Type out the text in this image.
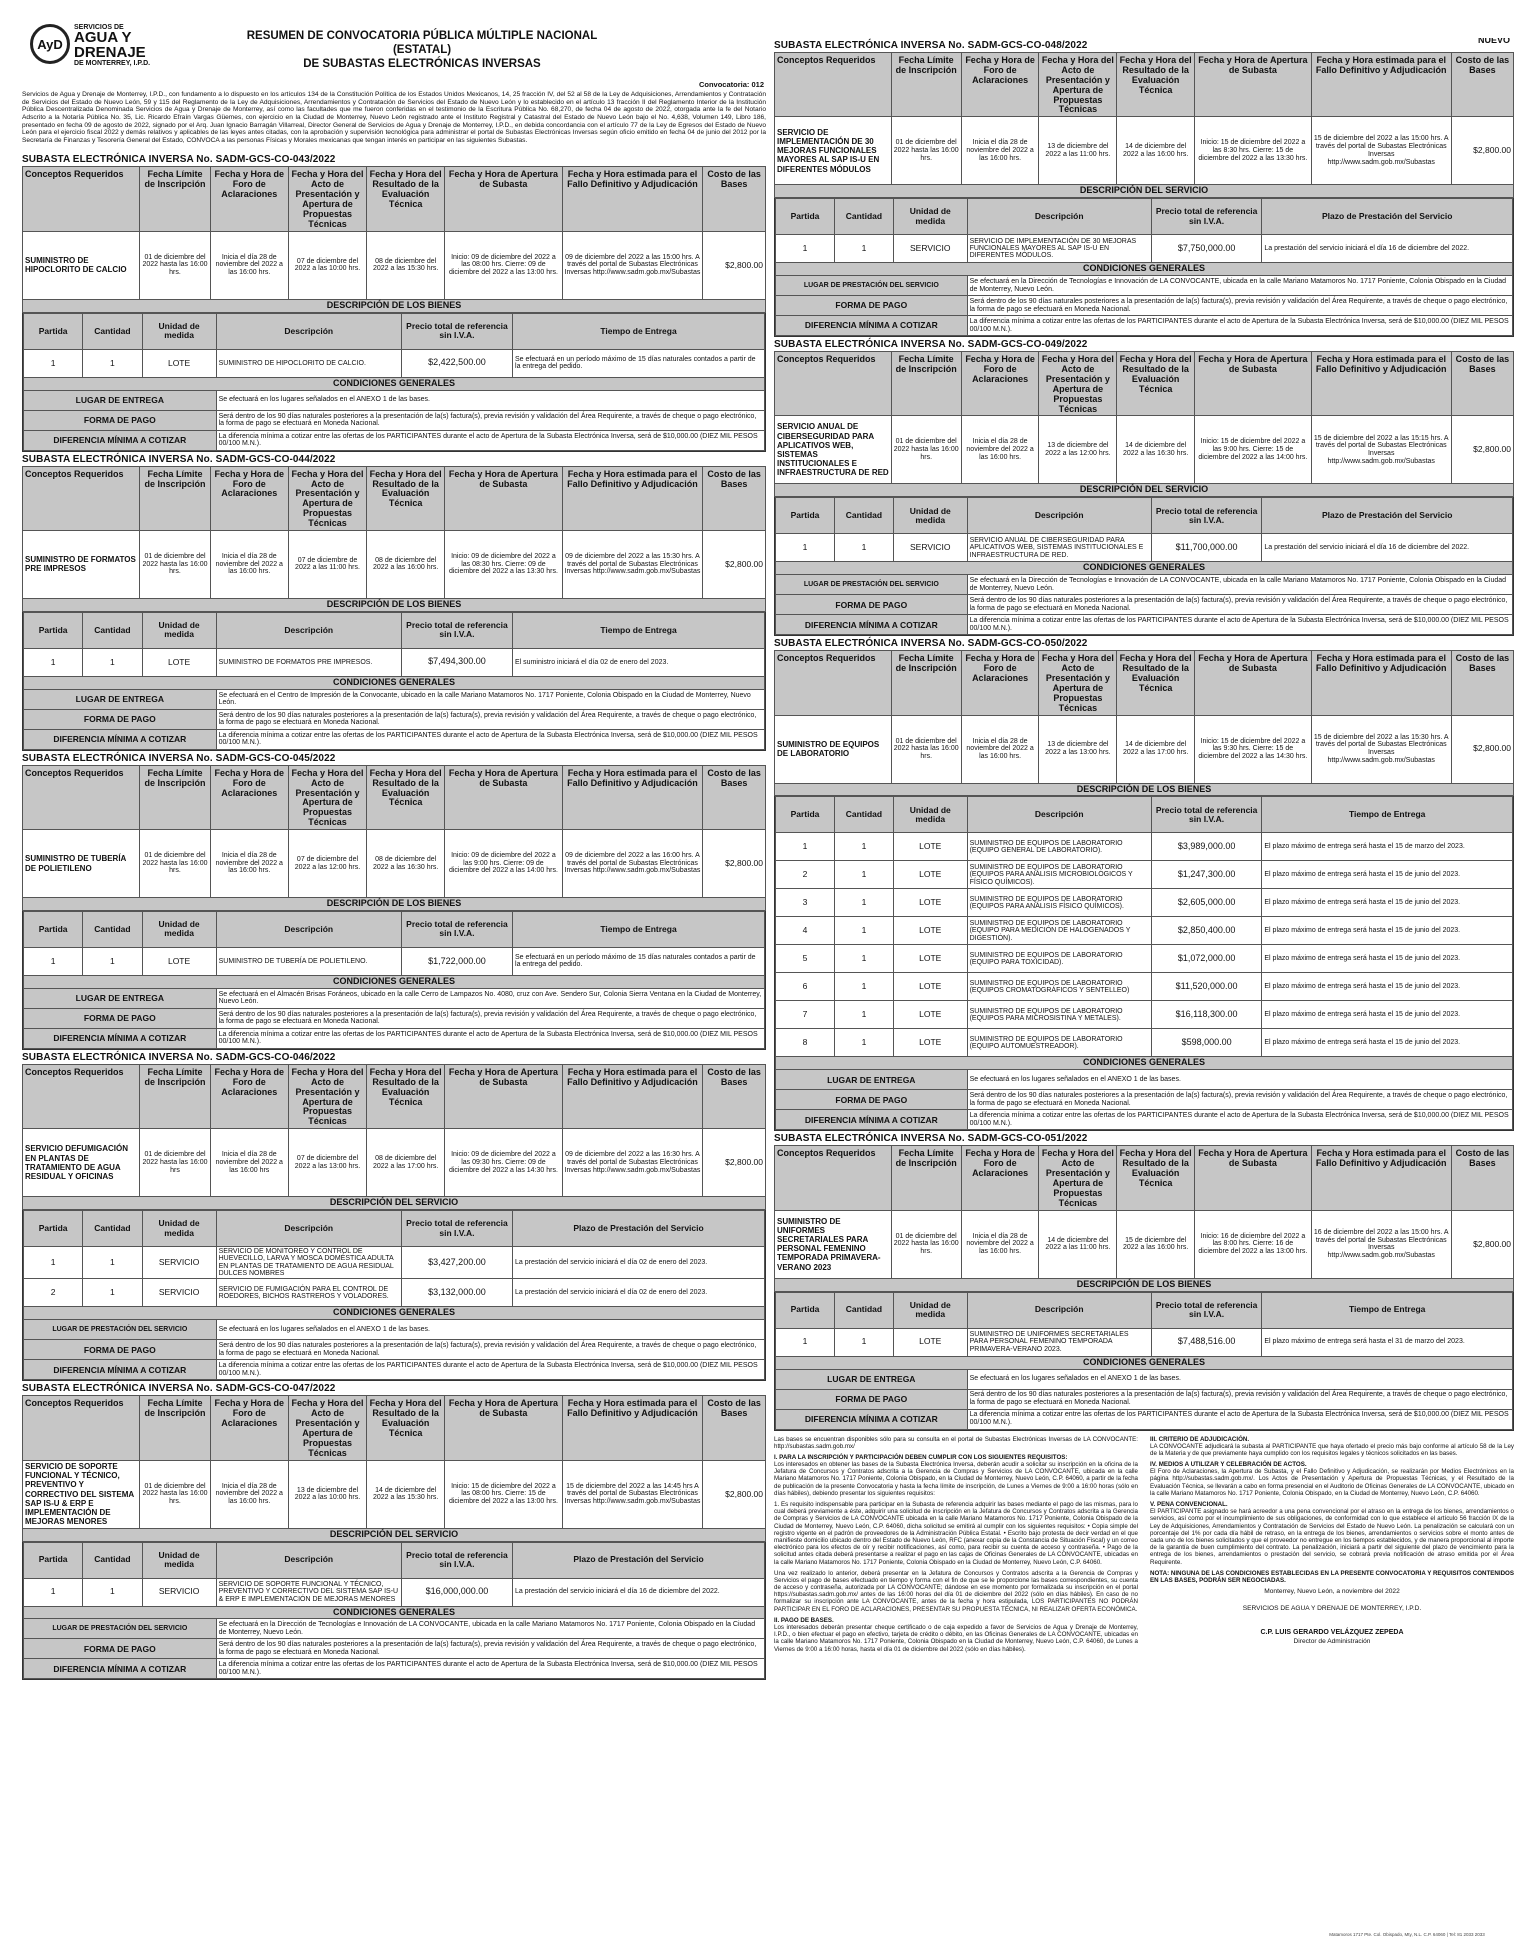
AyD
SERVICIOS DE
AGUA Y
DRENAJE
DE MONTERREY, I.P.D.
RESUMEN DE CONVOCATORIA PÚBLICA MÚLTIPLE NACIONAL (ESTATAL)
DE SUBASTAS ELECTRÓNICAS INVERSAS
Convocatoria: 012
Servicios de Agua y Drenaje de Monterrey, I.P.D., con fundamento a lo dispuesto en los artículos 134 de la Constitución Política de los Estados Unidos Mexicanos, 14, 25 fracción IV, del 52 al 58 de la Ley de Adquisiciones, Arrendamientos y Contratación de Servicios del Estado de Nuevo León, 59 y 115 del Reglamento de la Ley de Adquisiciones, Arrendamientos y Contratación de Servicios del Estado de Nuevo León y lo establecido en el artículo 13 fracción II del Reglamento Interior de la Institución Pública Descentralizada Denominada Servicios de Agua y Drenaje de Monterrey, así como las facultades que me fueron conferidas en el testimonio de la Escritura Pública No. 68,270, de fecha 04 de agosto de 2022, otorgada ante la fe del Notario Adscrito a la Notaría Pública No. 35, Lic. Ricardo Efraín Vargas Güemes, con ejercicio en la Ciudad de Monterrey, Nuevo León registrado ante el Instituto Registral y Catastral del Estado de Nuevo León bajo el No. 4,638, Volumen 149, Libro 186, presentado en fecha 09 de agosto de 2022, signado por el Arq. Juan Ignacio Barragán Villarreal, Director General de Servicios de Agua y Drenaje de Monterrey, I.P.D., en debida concordancia con el artículo 77 de la Ley de Egresos del Estado de Nuevo León para el ejercicio fiscal 2022 y demás relativos y aplicables de las leyes antes citadas, con la aprobación y supervisión tecnológica para administrar el portal de Subastas Electrónicas Inversas según oficio emitido en fecha 04 de junio del 2012 por la Secretaría de Finanzas y Tesorería General del Estado, CONVOCA a las personas Físicas y Morales mexicanas que tengan interés en participar en las siguientes Subastas.
SUBASTA ELECTRÓNICA INVERSA No. SADM-GCS-CO-043/2022
Conceptos Requeridos	Fecha Límite de Inscripción	Fecha y Hora de Foro de Aclaraciones	Fecha y Hora del Acto de Presentación y Apertura de Propuestas Técnicas	Fecha y Hora del Resultado de la Evaluación Técnica	Fecha y Hora de Apertura de Subasta	Fecha y Hora estimada para el Fallo Definitivo y Adjudicación	Costo de las Bases
SUMINISTRO DE HIPOCLORITO DE CALCIO	01 de diciembre del 2022 hasta las 16:00 hrs.	Inicia el día 28 de noviembre del 2022 a las 16:00 hrs.	07 de diciembre del 2022 a las 10:00 hrs.	08 de diciembre del 2022 a las 15:30 hrs.	Inicio: 09 de diciembre del 2022 a las 08:00 hrs. Cierre: 09 de diciembre del 2022 a las 13:00 hrs.	09 de diciembre del 2022 a las 15:00 hrs. A través del portal de Subastas Electrónicas Inversas http://www.sadm.gob.mx/Subastas	$2,800.00
DESCRIPCIÓN DE LOS BIENES

Partida	Cantidad	Unidad de medida	Descripción	Precio total de referencia sin I.V.A.	Tiempo de Entrega
1	1	LOTE	SUMINISTRO DE HIPOCLORITO DE CALCIO.	$2,422,500.00	Se efectuará en un período máximo de 15 días naturales contados a partir de la entrega del pedido.
CONDICIONES GENERALES
LUGAR DE ENTREGA	Se efectuará en los lugares señalados en el ANEXO 1 de las bases.
FORMA DE PAGO	Será dentro de los 90 días naturales posteriores a la presentación de la(s) factura(s), previa revisión y validación del Área Requirente, a través de cheque o pago electrónico, la forma de pago se efectuará en Moneda Nacional.
DIFERENCIA MÍNIMA A COTIZAR	La diferencia mínima a cotizar entre las ofertas de los PARTICIPANTES durante el acto de Apertura de la Subasta Electrónica Inversa, será de $10,000.00 (DIEZ MIL PESOS 00/100 M.N.).
SUBASTA ELECTRÓNICA INVERSA No. SADM-GCS-CO-044/2022
Conceptos Requeridos	Fecha Límite de Inscripción	Fecha y Hora de Foro de Aclaraciones	Fecha y Hora del Acto de Presentación y Apertura de Propuestas Técnicas	Fecha y Hora del Resultado de la Evaluación Técnica	Fecha y Hora de Apertura de Subasta	Fecha y Hora estimada para el Fallo Definitivo y Adjudicación	Costo de las Bases
SUMINISTRO DE FORMATOS PRE IMPRESOS	01 de diciembre del 2022 hasta las 16:00 hrs.	Inicia el día 28 de noviembre del 2022 a las 16:00 hrs.	07 de diciembre de 2022 a las 11:00 hrs.	08 de diciembre del 2022 a las 16:00 hrs.	Inicio: 09 de diciembre del 2022 a las 08:30 hrs. Cierre: 09 de diciembre del 2022 a las 13:30 hrs.	09 de diciembre del 2022 a las 15:30 hrs. A través del portal de Subastas Electrónicas Inversas http://www.sadm.gob.mx/Subastas	$2,800.00
DESCRIPCIÓN DE LOS BIENES

Partida	Cantidad	Unidad de medida	Descripción	Precio total de referencia sin I.V.A.	Tiempo de Entrega
1	1	LOTE	SUMINISTRO DE FORMATOS PRE IMPRESOS.	$7,494,300.00	El suministro iniciará el día 02 de enero del 2023.
CONDICIONES GENERALES
LUGAR DE ENTREGA	Se efectuará en el Centro de Impresión de la Convocante, ubicado en la calle Mariano Matamoros No. 1717 Poniente, Colonia Obispado en la Ciudad de Monterrey, Nuevo León.
FORMA DE PAGO	Será dentro de los 90 días naturales posteriores a la presentación de la(s) factura(s), previa revisión y validación del Área Requirente, a través de cheque o pago electrónico, la forma de pago se efectuará en Moneda Nacional.
DIFERENCIA MÍNIMA A COTIZAR	La diferencia mínima a cotizar entre las ofertas de los PARTICIPANTES durante el acto de Apertura de la Subasta Electrónica Inversa, será de $10,000.00 (DIEZ MIL PESOS 00/100 M.N.).
SUBASTA ELECTRÓNICA INVERSA No. SADM-GCS-CO-045/2022
Conceptos Requeridos	Fecha Límite de Inscripción	Fecha y Hora de Foro de Aclaraciones	Fecha y Hora del Acto de Presentación y Apertura de Propuestas Técnicas	Fecha y Hora del Resultado de la Evaluación Técnica	Fecha y Hora de Apertura de Subasta	Fecha y Hora estimada para el Fallo Definitivo y Adjudicación	Costo de las Bases
SUMINISTRO DE TUBERÍA DE POLIETILENO	01 de diciembre del 2022 hasta las 16:00 hrs.	Inicia el día 28 de noviembre del 2022 a las 16:00 hrs.	07 de diciembre del 2022 a las 12:00 hrs.	08 de diciembre del 2022 a las 16:30 hrs.	Inicio: 09 de diciembre del 2022 a las 9:00 hrs. Cierre: 09 de diciembre del 2022 a las 14:00 hrs.	09 de diciembre del 2022 a las 16:00 hrs. A través del portal de Subastas Electrónicas Inversas http://www.sadm.gob.mx/Subastas	$2,800.00
DESCRIPCIÓN DE LOS BIENES

Partida	Cantidad	Unidad de medida	Descripción	Precio total de referencia sin I.V.A.	Tiempo de Entrega
1	1	LOTE	SUMINISTRO DE TUBERÍA DE POLIETILENO.	$1,722,000.00	Se efectuará en un período máximo de 15 días naturales contados a partir de la entrega del pedido.
CONDICIONES GENERALES
LUGAR DE ENTREGA	Se efectuará en el Almacén Brisas Foráneos, ubicado en la calle Cerro de Lampazos No. 4080, cruz con Ave. Sendero Sur, Colonia Sierra Ventana en la Ciudad de Monterrey, Nuevo León.
FORMA DE PAGO	Será dentro de los 90 días naturales posteriores a la presentación de la(s) factura(s), previa revisión y validación del Área Requirente, a través de cheque o pago electrónico, la forma de pago se efectuará en Moneda Nacional.
DIFERENCIA MÍNIMA A COTIZAR	La diferencia mínima a cotizar entre las ofertas de los PARTICIPANTES durante el acto de Apertura de la Subasta Electrónica Inversa, será de $10,000.00 (DIEZ MIL PESOS 00/100 M.N.).
SUBASTA ELECTRÓNICA INVERSA No. SADM-GCS-CO-046/2022
Conceptos Requeridos	Fecha Límite de Inscripción	Fecha y Hora de Foro de Aclaraciones	Fecha y Hora del Acto de Presentación y Apertura de Propuestas Técnicas	Fecha y Hora del Resultado de la Evaluación Técnica	Fecha y Hora de Apertura de Subasta	Fecha y Hora estimada para el Fallo Definitivo y Adjudicación	Costo de las Bases
SERVICIO DEFUMIGACIÓN EN PLANTAS DE TRATAMIENTO DE AGUA RESIDUAL Y OFICINAS	01 de diciembre del 2022 hasta las 16:00 hrs	Inicia el día 28 de noviembre del 2022 a las 16:00 hrs	07 de diciembre del 2022 a las 13:00 hrs.	08 de diciembre del 2022 a las 17:00 hrs.	Inicio: 09 de diciembre del 2022 a las 09:30 hrs. Cierre: 09 de diciembre del 2022 a las 14:30 hrs.	09 de diciembre del 2022 a las 16:30 hrs. A través del portal de Subastas Electrónicas Inversas http://www.sadm.gob.mx/Subastas	$2,800.00
DESCRIPCIÓN DEL SERVICIO

Partida	Cantidad	Unidad de medida	Descripción	Precio total de referencia sin I.V.A.	Plazo de Prestación del Servicio
1	1	SERVICIO	SERVICIO DE MONITOREO Y CONTROL DE HUEVECILLO, LARVA Y MOSCA DOMÉSTICA ADULTA EN PLANTAS DE TRATAMIENTO DE AGUA RESIDUAL DULCES NOMBRES	$3,427,200.00	La prestación del servicio iniciará el día 02 de enero del 2023.
2	1	SERVICIO	SERVICIO DE FUMIGACIÓN PARA EL CONTROL DE ROEDORES, BICHOS RASTREROS Y VOLADORES.	$3,132,000.00	La prestación del servicio iniciará el día 02 de enero del 2023.
CONDICIONES GENERALES
LUGAR DE PRESTACIÓN DEL SERVICIO	Se efectuará en los lugares señalados en el ANEXO 1 de las bases.
FORMA DE PAGO	Será dentro de los 90 días naturales posteriores a la presentación de la(s) factura(s), previa revisión y validación del Área Requirente, a través de cheque o pago electrónico, la forma de pago se efectuará en Moneda Nacional.
DIFERENCIA MÍNIMA A COTIZAR	La diferencia mínima a cotizar entre las ofertas de los PARTICIPANTES durante el acto de Apertura de la Subasta Electrónica Inversa, será de $10,000.00 (DIEZ MIL PESOS 00/100 M.N.).
SUBASTA ELECTRÓNICA INVERSA No. SADM-GCS-CO-047/2022
Conceptos Requeridos	Fecha Límite de Inscripción	Fecha y Hora de Foro de Aclaraciones	Fecha y Hora del Acto de Presentación y Apertura de Propuestas Técnicas	Fecha y Hora del Resultado de la Evaluación Técnica	Fecha y Hora de Apertura de Subasta	Fecha y Hora estimada para el Fallo Definitivo y Adjudicación	Costo de las Bases
SERVICIO DE SOPORTE FUNCIONAL Y TÉCNICO, PREVENTIVO Y CORRECTIVO DEL SISTEMA SAP IS-U & ERP E IMPLEMENTACIÓN DE MEJORAS MENORES	01 de diciembre del 2022 hasta las 16:00 hrs.	Inicia el día 28 de noviembre del 2022 a las 16:00 hrs.	13 de diciembre del 2022 a las 10:00 hrs.	14 de diciembre del 2022 a las 15:30 hrs.	Inicio: 15 de diciembre del 2022 a las 08:00 hrs. Cierre: 15 de diciembre del 2022 a las 13:00 hrs.	15 de diciembre del 2022 a las 14:45 hrs A través del portal de Subastas Electrónicas Inversas http://www.sadm.gob.mx/Subastas	$2,800.00
DESCRIPCIÓN DEL SERVICIO

Partida	Cantidad	Unidad de medida	Descripción	Precio total de referencia sin I.V.A.	Plazo de Prestación del Servicio
1	1	SERVICIO	SERVICIO DE SOPORTE FUNCIONAL Y TÉCNICO, PREVENTIVO Y CORRECTIVO DEL SISTEMA SAP IS-U & ERP E IMPLEMENTACIÓN DE MEJORAS MENORES	$16,000,000.00	La prestación del servicio iniciará el día 16 de diciembre del 2022.
CONDICIONES GENERALES
LUGAR DE PRESTACIÓN DEL SERVICIO	Se efectuará en la Dirección de Tecnologías e Innovación de LA CONVOCANTE, ubicada en la calle Mariano Matamoros No. 1717 Poniente, Colonia Obispado en la Ciudad de Monterrey, Nuevo León.
FORMA DE PAGO	Será dentro de los 90 días naturales posteriores a la presentación de la(s) factura(s), previa revisión y validación del Área Requirente, a través de cheque o pago electrónico, la forma de pago se efectuará en Moneda Nacional.
DIFERENCIA MÍNIMA A COTIZAR	La diferencia mínima a cotizar entre las ofertas de los PARTICIPANTES durante el acto de Apertura de la Subasta Electrónica Inversa, será de $10,000.00 (DIEZ MIL PESOS 00/100 M.N.).
NUEVO
SUBASTA ELECTRÓNICA INVERSA No. SADM-GCS-CO-048/2022
Conceptos Requeridos	Fecha Límite de Inscripción	Fecha y Hora de Foro de Aclaraciones	Fecha y Hora del Acto de Presentación y Apertura de Propuestas Técnicas	Fecha y Hora del Resultado de la Evaluación Técnica	Fecha y Hora de Apertura de Subasta	Fecha y Hora estimada para el Fallo Definitivo y Adjudicación	Costo de las Bases
SERVICIO DE IMPLEMENTACIÓN DE 30 MEJORAS FUNCIONALES MAYORES AL SAP IS-U EN DIFERENTES MÓDULOS	01 de diciembre del 2022 hasta las 16:00 hrs.	Inicia el día 28 de noviembre del 2022 a las 16:00 hrs.	13 de diciembre del 2022 a las 11:00 hrs.	14 de diciembre del 2022 a las 16:00 hrs.	Inicio: 15 de diciembre del 2022 a las 8:30 hrs. Cierre: 15 de diciembre del 2022 a las 13:30 hrs.	15 de diciembre del 2022 a las 15:00 hrs. A través del portal de Subastas Electrónicas Inversas http://www.sadm.gob.mx/Subastas	$2,800.00
DESCRIPCIÓN DEL SERVICIO

Partida	Cantidad	Unidad de medida	Descripción	Precio total de referencia sin I.V.A.	Plazo de Prestación del Servicio
1	1	SERVICIO	SERVICIO DE IMPLEMENTACIÓN DE 30 MEJORAS FUNCIONALES MAYORES AL SAP IS-U EN DIFERENTES MÓDULOS.	$7,750,000.00	La prestación del servicio iniciará el día 16 de diciembre del 2022.
CONDICIONES GENERALES
LUGAR DE PRESTACIÓN DEL SERVICIO	Se efectuará en la Dirección de Tecnologías e Innovación de LA CONVOCANTE, ubicada en la calle Mariano Matamoros No. 1717 Poniente, Colonia Obispado en la Ciudad de Monterrey, Nuevo León.
FORMA DE PAGO	Será dentro de los 90 días naturales posteriores a la presentación de la(s) factura(s), previa revisión y validación del Área Requirente, a través de cheque o pago electrónico, la forma de pago se efectuará en Moneda Nacional.
DIFERENCIA MÍNIMA A COTIZAR	La diferencia mínima a cotizar entre las ofertas de los PARTICIPANTES durante el acto de Apertura de la Subasta Electrónica Inversa, será de $10,000.00 (DIEZ MIL PESOS 00/100 M.N.).
SUBASTA ELECTRÓNICA INVERSA No. SADM-GCS-CO-049/2022
Conceptos Requeridos	Fecha Límite de Inscripción	Fecha y Hora de Foro de Aclaraciones	Fecha y Hora del Acto de Presentación y Apertura de Propuestas Técnicas	Fecha y Hora del Resultado de la Evaluación Técnica	Fecha y Hora de Apertura de Subasta	Fecha y Hora estimada para el Fallo Definitivo y Adjudicación	Costo de las Bases
SERVICIO ANUAL DE CIBERSEGURIDAD PARA APLICATIVOS WEB, SISTEMAS INSTITUCIONALES E INFRAESTRUCTURA DE RED	01 de diciembre del 2022 hasta las 16:00 hrs.	Inicia el día 28 de noviembre del 2022 a las 16:00 hrs.	13 de diciembre del 2022 a las 12:00 hrs.	14 de diciembre del 2022 a las 16:30 hrs.	Inicio: 15 de diciembre del 2022 a las 9:00 hrs. Cierre: 15 de diciembre del 2022 a las 14:00 hrs.	15 de diciembre del 2022 a las 15:15 hrs. A través del portal de Subastas Electrónicas Inversas http://www.sadm.gob.mx/Subastas	$2,800.00
DESCRIPCIÓN DEL SERVICIO

Partida	Cantidad	Unidad de medida	Descripción	Precio total de referencia sin I.V.A.	Plazo de Prestación del Servicio
1	1	SERVICIO	SERVICIO ANUAL DE CIBERSEGURIDAD PARA APLICATIVOS WEB, SISTEMAS INSTITUCIONALES E INFRAESTRUCTURA DE RED.	$11,700,000.00	La prestación del servicio iniciará el día 16 de diciembre del 2022.
CONDICIONES GENERALES
LUGAR DE PRESTACIÓN DEL SERVICIO	Se efectuará en la Dirección de Tecnologías e Innovación de LA CONVOCANTE, ubicada en la calle Mariano Matamoros No. 1717 Poniente, Colonia Obispado en la Ciudad de Monterrey, Nuevo León.
FORMA DE PAGO	Será dentro de los 90 días naturales posteriores a la presentación de la(s) factura(s), previa revisión y validación del Área Requirente, a través de cheque o pago electrónico, la forma de pago se efectuará en Moneda Nacional.
DIFERENCIA MÍNIMA A COTIZAR	La diferencia mínima a cotizar entre las ofertas de los PARTICIPANTES durante el acto de Apertura de la Subasta Electrónica Inversa, será de $10,000.00 (DIEZ MIL PESOS 00/100 M.N.).
SUBASTA ELECTRÓNICA INVERSA No. SADM-GCS-CO-050/2022
Conceptos Requeridos	Fecha Límite de Inscripción	Fecha y Hora de Foro de Aclaraciones	Fecha y Hora del Acto de Presentación y Apertura de Propuestas Técnicas	Fecha y Hora del Resultado de la Evaluación Técnica	Fecha y Hora de Apertura de Subasta	Fecha y Hora estimada para el Fallo Definitivo y Adjudicación	Costo de las Bases
SUMINISTRO DE EQUIPOS DE LABORATORIO	01 de diciembre del 2022 hasta las 16:00 hrs.	Inicia el día 28 de noviembre del 2022 a las 16:00 hrs.	13 de diciembre del 2022 a las 13:00 hrs.	14 de diciembre del 2022 a las 17:00 hrs.	Inicio: 15 de diciembre del 2022 a las 9:30 hrs. Cierre: 15 de diciembre del 2022 a las 14:30 hrs.	15 de diciembre del 2022 a las 15:30 hrs. A través del portal de Subastas Electrónicas Inversas http://www.sadm.gob.mx/Subastas	$2,800.00
DESCRIPCIÓN DE LOS BIENES

Partida	Cantidad	Unidad de medida	Descripción	Precio total de referencia sin I.V.A.	Tiempo de Entrega
1	1	LOTE	SUMINISTRO DE EQUIPOS DE LABORATORIO (EQUIPO GENERAL DE LABORATORIO).	$3,989,000.00	El plazo máximo de entrega será hasta el 15 de marzo del 2023.
2	1	LOTE	SUMINISTRO DE EQUIPOS DE LABORATORIO (EQUIPOS PARA ANÁLISIS MICROBIOLÓGICOS Y FÍSICO QUÍMICOS).	$1,247,300.00	El plazo máximo de entrega será hasta el 15 de junio del 2023.
3	1	LOTE	SUMINISTRO DE EQUIPOS DE LABORATORIO (EQUIPOS PARA ANÁLISIS FÍSICO QUÍMICOS).	$2,605,000.00	El plazo máximo de entrega será hasta el 15 de junio del 2023.
4	1	LOTE	SUMINISTRO DE EQUIPOS DE LABORATORIO (EQUIPO PARA MEDICIÓN DE HALOGENADOS Y DIGESTIÓN).	$2,850,400.00	El plazo máximo de entrega será hasta el 15 de junio del 2023.
5	1	LOTE	SUMINISTRO DE EQUIPOS DE LABORATORIO (EQUIPO PARA TOXICIDAD).	$1,072,000.00	El plazo máximo de entrega será hasta el 15 de junio del 2023.
6	1	LOTE	SUMINISTRO DE EQUIPOS DE LABORATORIO (EQUIPOS CROMATOGRÁFICOS Y SENTELLEO)	$11,520,000.00	El plazo máximo de entrega será hasta el 15 de junio del 2023.
7	1	LOTE	SUMINISTRO DE EQUIPOS DE LABORATORIO (EQUIPOS PARA MICROSISTINA Y METALES).	$16,118,300.00	El plazo máximo de entrega será hasta el 15 de junio del 2023.
8	1	LOTE	SUMINISTRO DE EQUIPOS DE LABORATORIO (EQUIPO AUTOMUESTREADOR).	$598,000.00	El plazo máximo de entrega será hasta el 15 de junio del 2023.
CONDICIONES GENERALES
LUGAR DE ENTREGA	Se efectuará en los lugares señalados en el ANEXO 1 de las bases.
FORMA DE PAGO	Será dentro de los 90 días naturales posteriores a la presentación de la(s) factura(s), previa revisión y validación del Área Requirente, a través de cheque o pago electrónico, la forma de pago se efectuará en Moneda Nacional.
DIFERENCIA MÍNIMA A COTIZAR	La diferencia mínima a cotizar entre las ofertas de los PARTICIPANTES durante el acto de Apertura de la Subasta Electrónica Inversa, será de $10,000.00 (DIEZ MIL PESOS 00/100 M.N.).
SUBASTA ELECTRÓNICA INVERSA No. SADM-GCS-CO-051/2022
Conceptos Requeridos	Fecha Límite de Inscripción	Fecha y Hora de Foro de Aclaraciones	Fecha y Hora del Acto de Presentación y Apertura de Propuestas Técnicas	Fecha y Hora del Resultado de la Evaluación Técnica	Fecha y Hora de Apertura de Subasta	Fecha y Hora estimada para el Fallo Definitivo y Adjudicación	Costo de las Bases
SUMINISTRO DE UNIFORMES SECRETARIALES PARA PERSONAL FEMENINO TEMPORADA PRIMAVERA-VERANO 2023	01 de diciembre del 2022 hasta las 16:00 hrs.	Inicia el día 28 de noviembre del 2022 a las 16:00 hrs.	14 de diciembre del 2022 a las 11:00 hrs.	15 de diciembre del 2022 a las 16:00 hrs.	Inicio: 16 de diciembre del 2022 a las 8:00 hrs. Cierre: 16 de diciembre del 2022 a las 13:00 hrs.	16 de diciembre del 2022 a las 15:00 hrs. A través del portal de Subastas Electrónicas Inversas http://www.sadm.gob.mx/Subastas	$2,800.00
DESCRIPCIÓN DE LOS BIENES

Partida	Cantidad	Unidad de medida	Descripción	Precio total de referencia sin I.V.A.	Tiempo de Entrega
1	1	LOTE	SUMINISTRO DE UNIFORMES SECRETARIALES PARA PERSONAL FEMENINO TEMPORADA PRIMAVERA-VERANO 2023.	$7,488,516.00	El plazo máximo de entrega será hasta el 31 de marzo del 2023.
CONDICIONES GENERALES
LUGAR DE ENTREGA	Se efectuará en los lugares señalados en el ANEXO 1 de las bases.
FORMA DE PAGO	Será dentro de los 90 días naturales posteriores a la presentación de la(s) factura(s), previa revisión y validación del Área Requirente, a través de cheque o pago electrónico, la forma de pago se efectuará en Moneda Nacional.
DIFERENCIA MÍNIMA A COTIZAR	La diferencia mínima a cotizar entre las ofertas de los PARTICIPANTES durante el acto de Apertura de la Subasta Electrónica Inversa, será de $10,000.00 (DIEZ MIL PESOS 00/100 M.N.).

Las bases se encuentran disponibles sólo para su consulta en el portal de Subastas Electrónicas Inversas de LA CONVOCANTE: http://subastas.sadm.gob.mx/

I. PARA LA INSCRIPCIÓN Y PARTICIPACIÓN DEBEN CUMPLIR CON LOS SIGUIENTES REQUISITOS:
Los interesados en obtener las bases de la Subasta Electrónica Inversa, deberán acudir a solicitar su inscripción en la oficina de la Jefatura de Concursos y Contratos adscrita a la Gerencia de Compras y Servicios de LA CONVOCANTE, ubicada en la calle Mariano Matamoros No. 1717 Poniente, Colonia Obispado, en la Ciudad de Monterrey, Nuevo León, C.P. 64060, a partir de la fecha de publicación de la presente Convocatoria y hasta la fecha límite de inscripción, de Lunes a Viernes de 9:00 a 16:00 horas (sólo en días hábiles), debiendo presentar los siguientes requisitos:

1. Es requisito indispensable para participar en la Subasta de referencia adquirir las bases mediante el pago de las mismas, para lo cual deberá previamente a éste, adquirir una solicitud de inscripción en la Jefatura de Concursos y Contratos adscrita a la Gerencia de Compras y Servicios de LA CONVOCANTE ubicada en la calle Mariano Matamoros No. 1717 Poniente, Colonia Obispado de la Ciudad de Monterrey, Nuevo León, C.P. 64060, dicha solicitud se emitirá al cumplir con los siguientes requisitos: • Copia simple del registro vigente en el padrón de proveedores de la Administración Pública Estatal. • Escrito bajo protesta de decir verdad en el que manifieste domicilio ubicado dentro del Estado de Nuevo León, RFC (anexar copia de la Constancia de Situación Fiscal) y un correo electrónico para los efectos de oír y recibir notificaciones, así como, para recibir su cuenta de acceso y contraseña. • Pago de la solicitud antes citada deberá presentarse a realizar el pago en las cajas de Oficinas Generales de LA CONVOCANTE, ubicadas en la calle Mariano Matamoros No. 1717 Poniente, Colonia Obispado en la Ciudad de Monterrey, Nuevo León, C.P. 64060.

Una vez realizado lo anterior, deberá presentar en la Jefatura de Concursos y Contratos adscrita a la Gerencia de Compras y Servicios el pago de bases efectuado en tiempo y forma con el fin de que se le proporcione las bases correspondientes, su cuenta de acceso y contraseña, autorizada por LA CONVOCANTE; dándose en ese momento por formalizada su inscripción en el portal https://subastas.sadm.gob.mx/ antes de las 16:00 horas del día 01 de diciembre del 2022 (sólo en días hábiles). En caso de no formalizar su inscripción ante LA CONVOCANTE, antes de la fecha y hora estipulada, LOS PARTICIPANTES NO PODRÁN PARTICIPAR EN EL FORO DE ACLARACIONES, PRESENTAR SU PROPUESTA TÉCNICA, NI REALIZAR OFERTA ECONÓMICA.

II. PAGO DE BASES.
Los interesados deberán presentar cheque certificado o de caja expedido a favor de Servicios de Agua y Drenaje de Monterrey, I.P.D., o bien efectuar el pago en efectivo, tarjeta de crédito o débito, en las Oficinas Generales de LA CONVOCANTE, ubicadas en la calle Mariano Matamoros No. 1717 Poniente, Colonia Obispado en la Ciudad de Monterrey, Nuevo León, C.P. 64060, de Lunes a Viernes de 9:00 a 16:00 horas, hasta el día 01 de diciembre del 2022 (sólo en días hábiles).

III. CRITERIO DE ADJUDICACIÓN.
LA CONVOCANTE adjudicará la subasta al PARTICIPANTE que haya ofertado el precio más bajo conforme al artículo 58 de la Ley de la Materia y de que previamente haya cumplido con los requisitos legales y técnicos solicitados en las bases.

IV. MEDIOS A UTILIZAR Y CELEBRACIÓN DE ACTOS.
El Foro de Aclaraciones, la Apertura de Subasta, y el Fallo Definitivo y Adjudicación, se realizarán por Medios Electrónicos en la página http://subastas.sadm.gob.mx/. Los Actos de Presentación y Apertura de Propuestas Técnicas, y el Resultado de la Evaluación Técnica, se llevarán a cabo en forma presencial en el Auditorio de Oficinas Generales de LA CONVOCANTE, ubicado en la calle Mariano Matamoros No. 1717 Poniente, Colonia Obispado, en la Ciudad de Monterrey, Nuevo León, C.P. 64060.

V. PENA CONVENCIONAL.
El PARTICIPANTE asignado se hará acreedor a una pena convencional por el atraso en la entrega de los bienes, arrendamientos o servicios, así como por el incumplimiento de sus obligaciones, de conformidad con lo que establece el artículo 56 fracción IX de la Ley de Adquisiciones, Arrendamientos y Contratación de Servicios del Estado de Nuevo León. La penalización se calculará con un porcentaje del 1% por cada día hábil de retraso, en la entrega de los bienes, arrendamientos o servicios sobre el monto antes de cada uno de los bienes solicitados y que el proveedor no entregue en los tiempos establecidos, y de manera proporcional al importe de la garantía de buen cumplimiento del contrato. La penalización, iniciará a partir del siguiente del plazo de vencimiento para la entrega de los bienes, arrendamientos o prestación del servicio, se cobrará previa notificación de atraso emitida por el Área Requirente.

NOTA: NINGUNA DE LAS CONDICIONES ESTABLECIDAS EN LA PRESENTE CONVOCATORIA Y REQUISITOS CONTENIDOS EN LAS BASES, PODRÁN SER NEGOCIADAS.

Monterrey, Nuevo León, a noviembre del 2022

SERVICIOS DE AGUA Y DRENAJE DE MONTERREY, I.P.D.

C.P. LUIS GERARDO VELÁZQUEZ ZEPEDA
Director de Administración
Matamoros 1717 Pte. Col. Obispado, Mty, N.L. C.P. 64060 | Tel: 81 2033 2033
